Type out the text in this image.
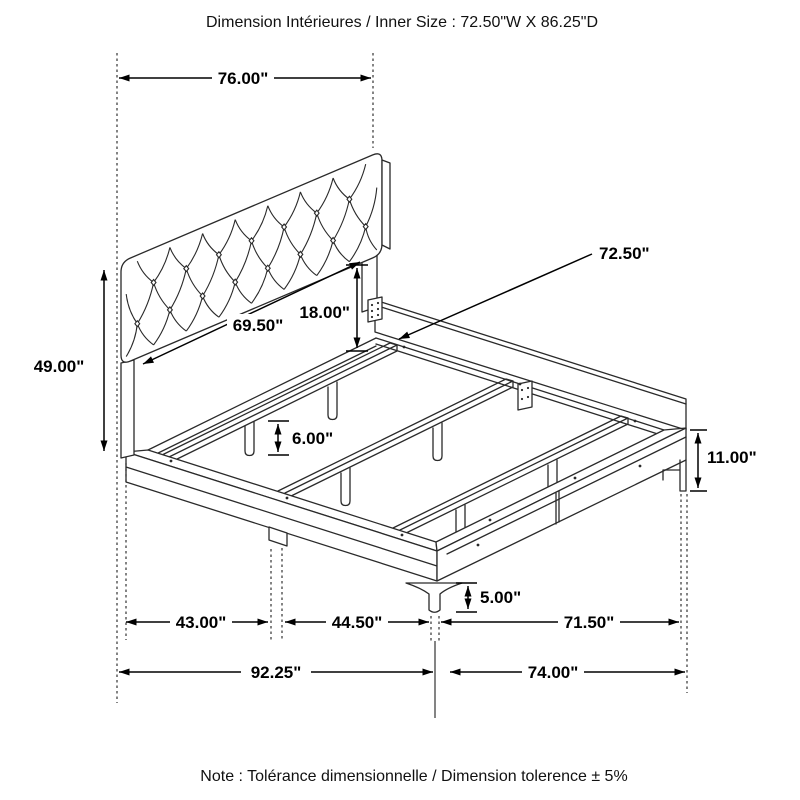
76.00"
49.00"
69.50"
18.00"
72.50"
6.00"
11.00"
5.00"
43.00"	44.50"	71.50"
92.25"	74.00"
Dimension Intérieures / Inner Size : 72.50"W X 86.25"D
Note : Tolérance dimensionnelle / Dimension tolerence ± 5%
